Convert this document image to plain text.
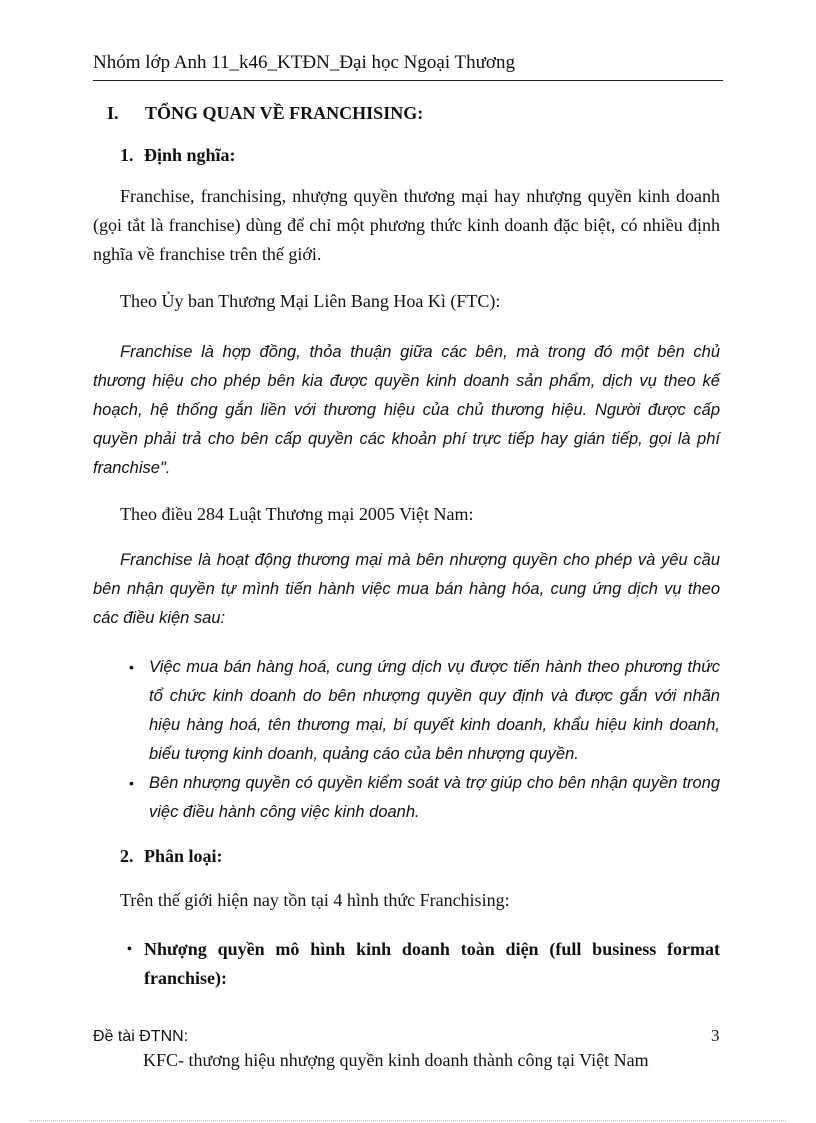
Nhóm lớp Anh 11_k46_KTĐN_Đại học Ngoại Thương
I. TỔNG QUAN VỀ FRANCHISING:
1. Định nghĩa:
Franchise, franchising, nhượng quyền thương mại hay nhượng quyền kinh doanh (gọi tắt là franchise) dùng để chỉ một phương thức kinh doanh đặc biệt, có nhiều định nghĩa về franchise trên thế giới.
Theo Ủy ban Thương Mại Liên Bang Hoa Kì (FTC):
Franchise là hợp đồng, thỏa thuận giữa các bên, mà trong đó một bên chủ thương hiệu cho phép bên kia được quyền kinh doanh sản phẩm, dịch vụ theo kế hoạch, hệ thống gắn liền với thương hiệu của chủ thương hiệu. Người được cấp quyền phải trả cho bên cấp quyền các khoản phí trực tiếp hay gián tiếp, gọi là phí franchise".
Theo điều 284 Luật Thương mại 2005 Việt Nam:
Franchise là hoạt động thương mại mà bên nhượng quyền cho phép và yêu cầu bên nhận quyền tự mình tiến hành việc mua bán hàng hóa, cung ứng dịch vụ theo các điều kiện sau:
• Việc mua bán hàng hoá, cung ứng dịch vụ được tiến hành theo phương thức tổ chức kinh doanh do bên nhượng quyền quy định và được gắn với nhãn hiệu hàng hoá, tên thương mại, bí quyết kinh doanh, khẩu hiệu kinh doanh, biểu tượng kinh doanh, quảng cáo của bên nhượng quyền.
• Bên nhượng quyền có quyền kiểm soát và trợ giúp cho bên nhận quyền trong việc điều hành công việc kinh doanh.
2. Phân loại:
Trên thế giới hiện nay tồn tại 4 hình thức Franchising:
• Nhượng quyền mô hình kinh doanh toàn diện (full business format franchise):
Đề tài ĐTNN:	3
KFC- thương hiệu nhượng quyền kinh doanh thành công tại Việt Nam
